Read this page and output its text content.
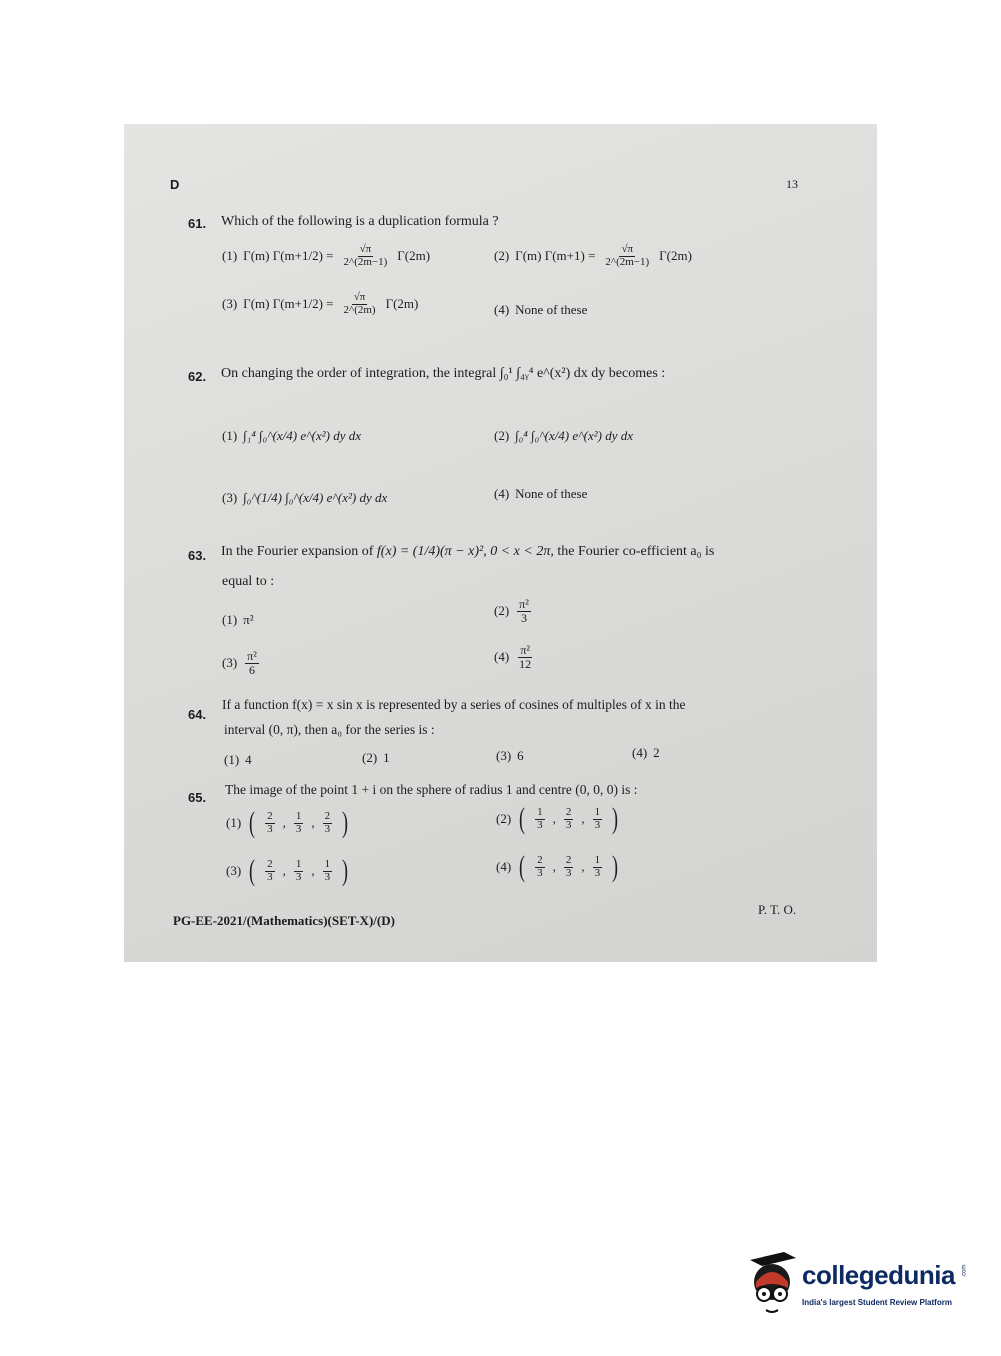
D	13
61. Which of the following is a duplication formula ?
(1) Γ(m) $\Gamma(m+1/2) = \frac{√\pi}{2\^{}(2m-1)} \Gamma(2m)$	(2) Γ(m) $\Gamma(m+1) = \frac{√\pi}{2\^{}(2m-1)} \Gamma(2m)$
(3) Γ(m) $\Gamma(m+1/2) = \frac{√\pi}{2\^{}(2m)} \Gamma(2m)$	(4) None of these
62. On changing the order of integration, the integral ∫₀¹ ∫₄ᵧ⁴ e^(x²) dx dy becomes :
(1) ∫₁⁴ ∫₀^(x/4) e^(x²) dy dx	(2) ∫₀⁴ ∫₀^(x/4) e^(x²) dy dx
(3) ∫₀^(1/4) ∫₀^(x/4) e^(x²) dy dx	(4) None of these
63. In the Fourier expansion of f(x) = (1/4)(π − x)², 0 < x < 2π, the Fourier co-efficient a₀ is
equal to :
(1) π²
$(2) \frac{\text{π²}}{3}$
$(3) \frac{\text{π²}}{6}$	$(4) \frac{\text{π²}}{12}$
64.
If a function f(x) = x sin x is represented by a series of cosines of multiples of x in the
interval (0, π), then a₀ for the series is :
(1) 4	(2) 1	(3) 6	(4) 2
65.
The image of the point 1 + i on the sphere of radius 1 and centre (0, 0, 0) is :
(1) ( $\frac{2}{3}$ , $\frac{1}{3}$ , $\frac{2}{3}$ )	(2) ( $\frac{1}{3}$ , $\frac{2}{3}$ , $\frac{1}{3}$ )
(3) ( $\frac{2}{3}$ , $\frac{1}{3}$ , $\frac{1}{3}$ )	(4) ( $\frac{2}{3}$ , $\frac{2}{3}$ , $\frac{1}{3}$ )
PG-EE-2021/(Mathematics)(SET-X)/(D)
P. T. O.
collegedunia .com
India's largest Student Review Platform
